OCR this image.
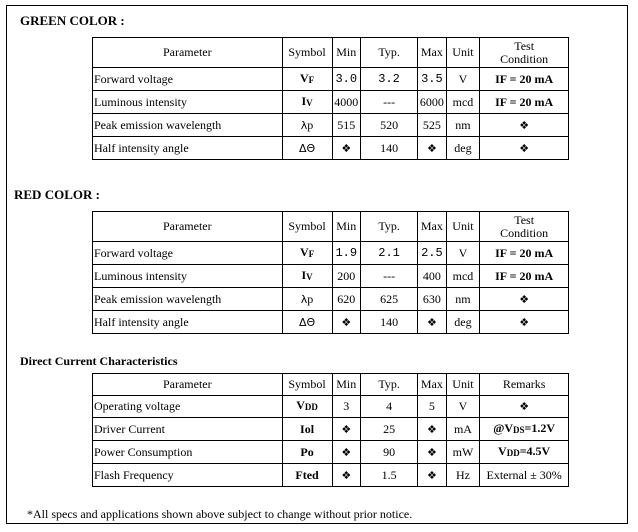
GREEN COLOR :
Parameter	Symbol	Min	Typ.	Max	Unit	Test
Condition
Forward voltage	VF	3.0	3.2	3.5	V	IF = 20 mA
Luminous intensity	IV	4000	---	6000	mcd	IF = 20 mA
Peak emission wavelength	λp	515	520	525	nm	❖
Half intensity angle	ΔΘ	❖	140	❖	deg	❖
RED COLOR :
Parameter	Symbol	Min	Typ.	Max	Unit	Test
Condition
Forward voltage	VF	1.9	2.1	2.5	V	IF = 20 mA
Luminous intensity	IV	200	---	400	mcd	IF = 20 mA
Peak emission wavelength	λp	620	625	630	nm	❖
Half intensity angle	ΔΘ	❖	140	❖	deg	❖
Direct Current Characteristics
Parameter	Symbol	Min	Typ.	Max	Unit	Remarks
Operating voltage	VDD	3	4	5	V	❖
Driver Current	Iol	❖	25	❖	mA	@VDS=1.2V
Power Consumption	Po	❖	90	❖	mW	VDD=4.5V
Flash Frequency	Fted	❖	1.5	❖	Hz	External ± 30%
*All specs and applications shown above subject to change without prior notice.
